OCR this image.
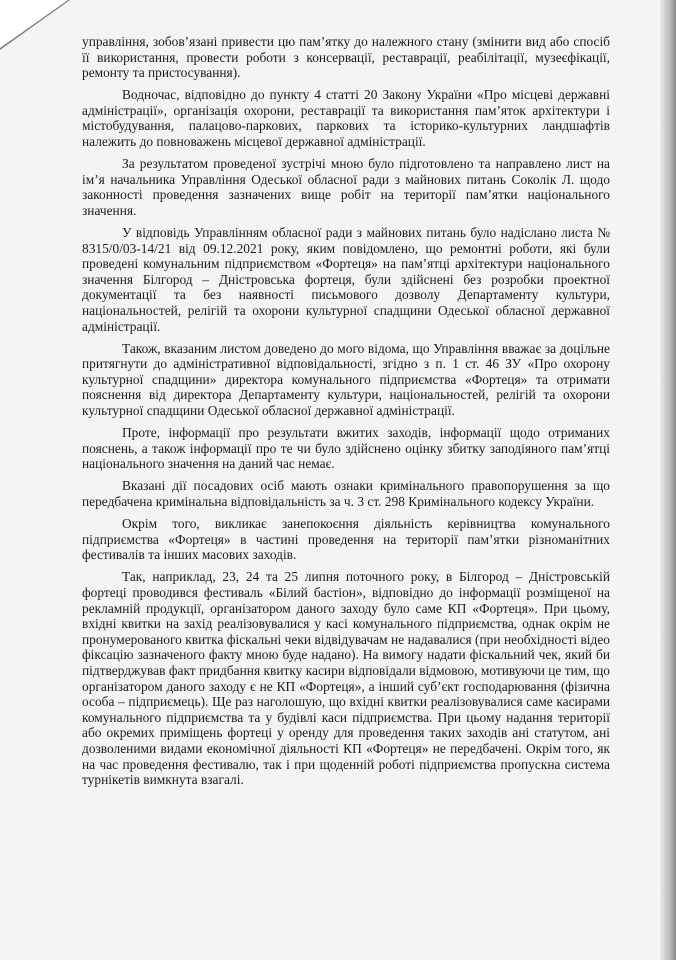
управління, зобов’язані привести цю пам’ятку до належного стану (змінити вид або спосіб її використання, провести роботи з консервації, реставрації, реабілітації, музеєфікації, ремонту та пристосування).

Водночас, відповідно до пункту 4 статті 20 Закону України «Про місцеві державні адміністрації», організація охорони, реставрації та використання пам’яток архітектури і містобудування, палацово-паркових, паркових та історико-культурних ландшафтів належить до повноважень місцевої державної адміністрації.

За результатом проведеної зустрічі мною було підготовлено та направлено лист на ім’я начальника Управління Одеської обласної ради з майнових питань Соколік Л. щодо законності проведення зазначених вище робіт на території пам’ятки національного значення.

У відповідь Управлінням обласної ради з майнових питань було надіслано листа № 8315/0/03-14/21 від 09.12.2021 року, яким повідомлено, що ремонтні роботи, які були проведені комунальним підприємством «Фортеця» на пам’ятці архітектури національного значення Білгород – Дністровська фортеця, були здійснені без розробки проектної документації та без наявності письмового дозволу Департаменту культури, національностей, релігій та охорони культурної спадщини Одеської обласної державної адміністрації.

Також, вказаним листом доведено до мого відома, що Управління вважає за доцільне притягнути до адміністративної відповідальності, згідно з п. 1 ст. 46 ЗУ «Про охорону культурної спадщини» директора комунального підприємства «Фортеця» та отримати пояснення від директора Департаменту культури, національностей, релігій та охорони культурної спадщини Одеської обласної державної адміністрації.

Проте, інформації про результати вжитих заходів, інформації щодо отриманих пояснень, а також інформації про те чи було здійснено оцінку збитку заподіяного пам’ятці національного значення на даний час немає.

Вказані дії посадових осіб мають ознаки кримінального правопорушення за що передбачена кримінальна відповідальність за ч. 3 ст. 298 Кримінального кодексу України.

Окрім того, викликає занепокоєння діяльність керівництва комунального підприємства «Фортеця» в частині проведення на території пам’ятки різноманітних фестивалів та інших масових заходів.

Так, наприклад, 23, 24 та 25 липня поточного року, в Білгород – Дністровській фортеці проводився фестиваль «Білий бастіон», відповідно до інформації розміщеної на рекламній продукції, організатором даного заходу було саме КП «Фортеця». При цьому, вхідні квитки на захід реалізовувалися у касі комунального підприємства, однак окрім не пронумерованого квитка фіскальні чеки відвідувачам не надавалися (при необхідності відео фіксацію зазначеного факту мною буде надано). На вимогу надати фіскальний чек, який би підтверджував факт придбання квитку касири відповідали відмовою, мотивуючи це тим, що організатором даного заходу є не КП «Фортеця», а інший суб’єкт господарювання (фізична особа – підприємець). Ще раз наголошую, що вхідні квитки реалізовувалися саме касирами комунального підприємства та у будівлі каси підприємства. При цьому надання території або окремих приміщень фортеці у оренду для проведення таких заходів ані статутом, ані дозволеними видами економічної діяльності КП «Фортеця» не передбачені. Окрім того, як на час проведення фестивалю, так і при щоденній роботі підприємства пропускна система турнікетів вимкнута взагалі.
